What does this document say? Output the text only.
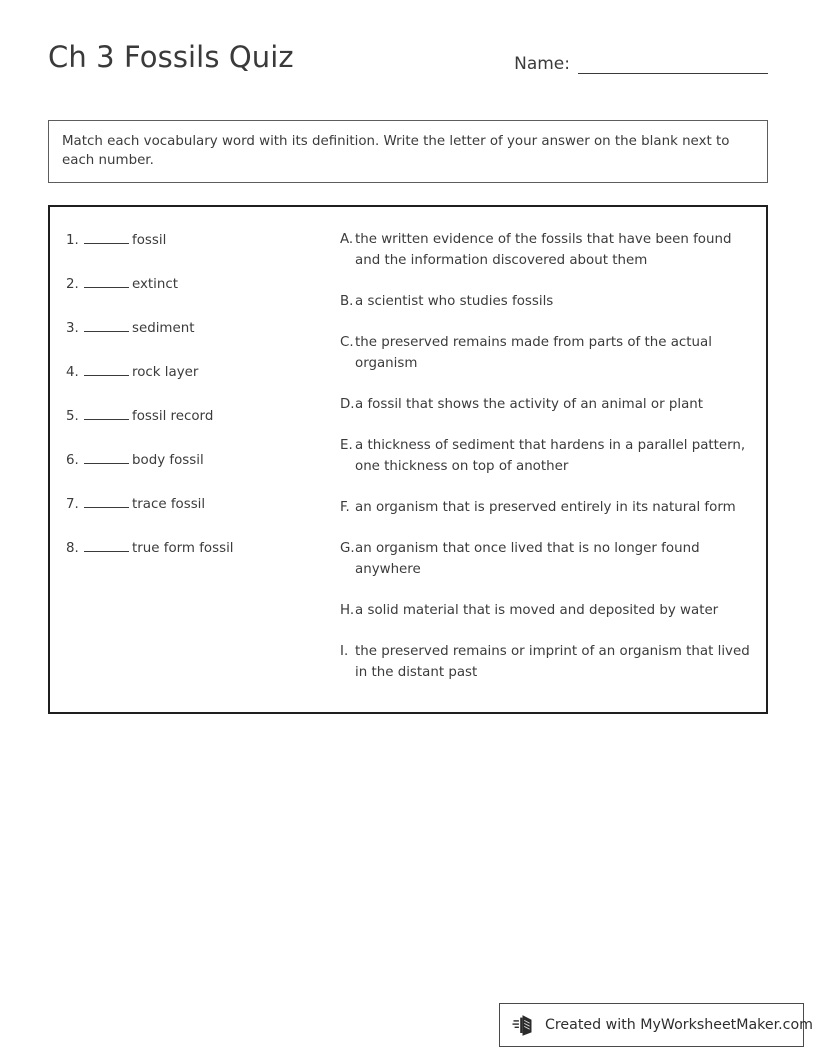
Ch 3 Fossils Quiz	Name:
Match each vocabulary word with its definition. Write the letter of your answer on the blank next to each number.
1.	fossil
2.	extinct
3.	sediment
4.	rock layer
5.	fossil record
6.	body fossil
7.	trace fossil
8.	true form fossil
A. the written evidence of the fossils that have been found and the information discovered about them
B. a scientist who studies fossils
C. the preserved remains made from parts of the actual organism
D. a fossil that shows the activity of an animal or plant
E. a thickness of sediment that hardens in a parallel pattern, one thickness on top of another
F. an organism that is preserved entirely in its natural form
G. an organism that once lived that is no longer found anywhere
H. a solid material that is moved and deposited by water
I. the preserved remains or imprint of an organism that lived in the distant past
Created with MyWorksheetMaker.com
